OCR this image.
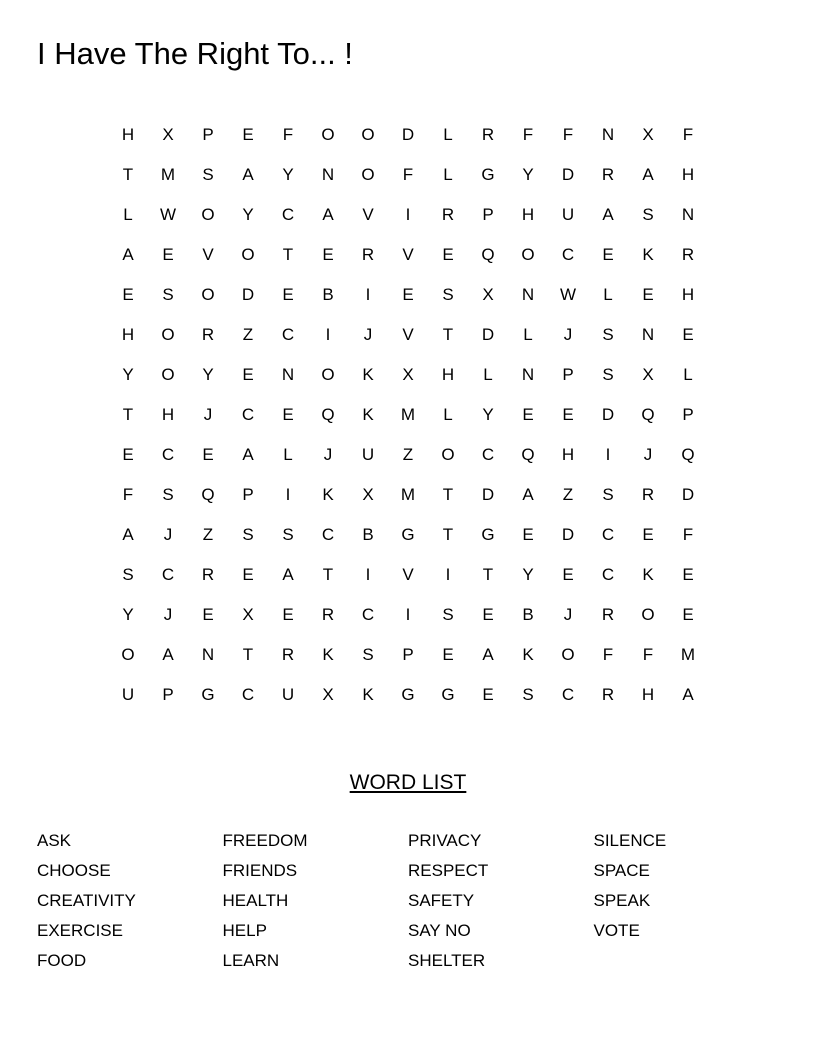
I Have The Right To... !
H	X	P	E	F	O	O	D	L	R	F	F	N	X	F
T	M	S	A	Y	N	O	F	L	G	Y	D	R	A	H
L	W	O	Y	C	A	V	I	R	P	H	U	A	S	N
A	E	V	O	T	E	R	V	E	Q	O	C	E	K	R
E	S	O	D	E	B	I	E	S	X	N	W	L	E	H
H	O	R	Z	C	I	J	V	T	D	L	J	S	N	E
Y	O	Y	E	N	O	K	X	H	L	N	P	S	X	L
T	H	J	C	E	Q	K	M	L	Y	E	E	D	Q	P
E	C	E	A	L	J	U	Z	O	C	Q	H	I	J	Q
F	S	Q	P	I	K	X	M	T	D	A	Z	S	R	D
A	J	Z	S	S	C	B	G	T	G	E	D	C	E	F
S	C	R	E	A	T	I	V	I	T	Y	E	C	K	E
Y	J	E	X	E	R	C	I	S	E	B	J	R	O	E
O	A	N	T	R	K	S	P	E	A	K	O	F	F	M
U	P	G	C	U	X	K	G	G	E	S	C	R	H	A
WORD LIST
ASK
CHOOSE
CREATIVITY
EXERCISE
FOOD
FREEDOM
FRIENDS
HEALTH
HELP
LEARN
PRIVACY
RESPECT
SAFETY
SAY NO
SHELTER
SILENCE
SPACE
SPEAK
VOTE
